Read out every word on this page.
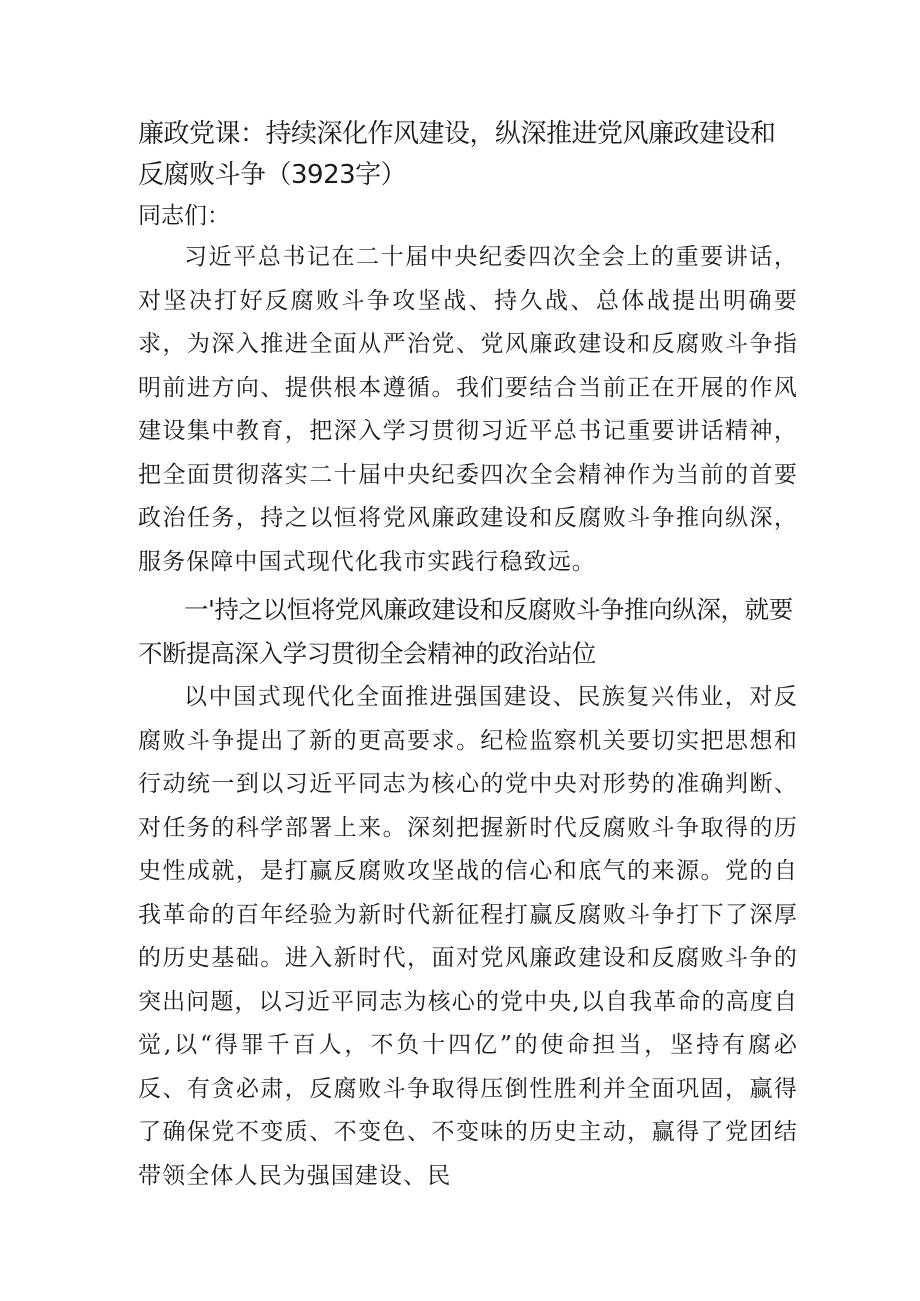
廉政党课：持续深化作风建设，纵深推进党风廉政建设和反腐败斗争（3923字）

同志们：

习近平总书记在二十届中央纪委四次全会上的重要讲话，对坚决打好反腐败斗争攻坚战、持久战、总体战提出明确要求，为深入推进全面从严治党、党风廉政建设和反腐败斗争指明前进方向、提供根本遵循。我们要结合当前正在开展的作风建设集中教育，把深入学习贯彻习近平总书记重要讲话精神，把全面贯彻落实二十届中央纪委四次全会精神作为当前的首要政治任务，持之以恒将党风廉政建设和反腐败斗争推向纵深，服务保障中国式现代化我市实践行稳致远。

一'持之以恒将党风廉政建设和反腐败斗争推向纵深，就要不断提高深入学习贯彻全会精神的政治站位

以中国式现代化全面推进强国建设、民族复兴伟业，对反腐败斗争提出了新的更高要求。纪检监察机关要切实把思想和行动统一到以习近平同志为核心的党中央对形势的准确判断、对任务的科学部署上来。深刻把握新时代反腐败斗争取得的历史性成就，是打赢反腐败攻坚战的信心和底气的来源。党的自我革命的百年经验为新时代新征程打赢反腐败斗争打下了深厚的历史基础。进入新时代，面对党风廉政建设和反腐败斗争的突出问题，以习近平同志为核心的党中央,以自我革命的高度自觉,以“得罪千百人，不负十四亿”的使命担当，坚持有腐必反、有贪必肃，反腐败斗争取得压倒性胜利并全面巩固，赢得了确保党不变质、不变色、不变味的历史主动，赢得了党团结带领全体人民为强国建设、民
